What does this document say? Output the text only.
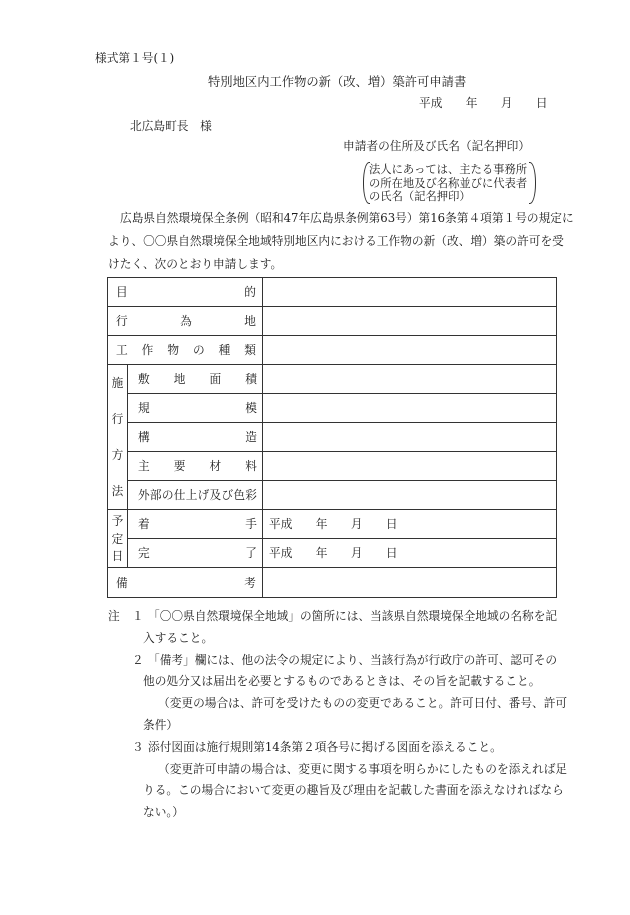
様式第１号(１)
特別地区内工作物の新（改、増）築許可申請書
平成　　年　　月　　日
北広島町長　様
申請者の住所及び氏名（記名押印）
法人にあっては、主たる事務所
の所在地及び名称並びに代表者
の氏名（記名押印）
広島県自然環境保全条例（昭和47年広島県条例第63号）第16条第４項第１号の規定に
より、〇〇県自然環境保全地域特別地区内における工作物の新（改、増）築の許可を受
けたく、次のとおり申請します。
目	的
行	為	地
工 作 物 の 種 類
施
行
方
法
敷 地 面 積
規	模
構	造
主 要 材 料
外 部 の 仕 上 げ 及 び 色 彩
予
定
日
着	手	平成　　年　　月　　日
完	了	平成　　年　　月　　日
備	考
注 １ 「〇〇県自然環境保全地域」の箇所には、当該県自然環境保全地域の名称を記
入すること。
２ 「備考」欄には、他の法令の規定により、当該行為が行政庁の許可、認可その
他の処分又は届出を必要とするものであるときは、その旨を記載すること。
（変更の場合は、許可を受けたものの変更であること。許可日付、番号、許可
条件）
３ 添付図面は施行規則第14条第２項各号に掲げる図面を添えること。
（変更許可申請の場合は、変更に関する事項を明らかにしたものを添えれば足
りる。この場合において変更の趣旨及び理由を記載した書面を添えなければなら
ない。）
